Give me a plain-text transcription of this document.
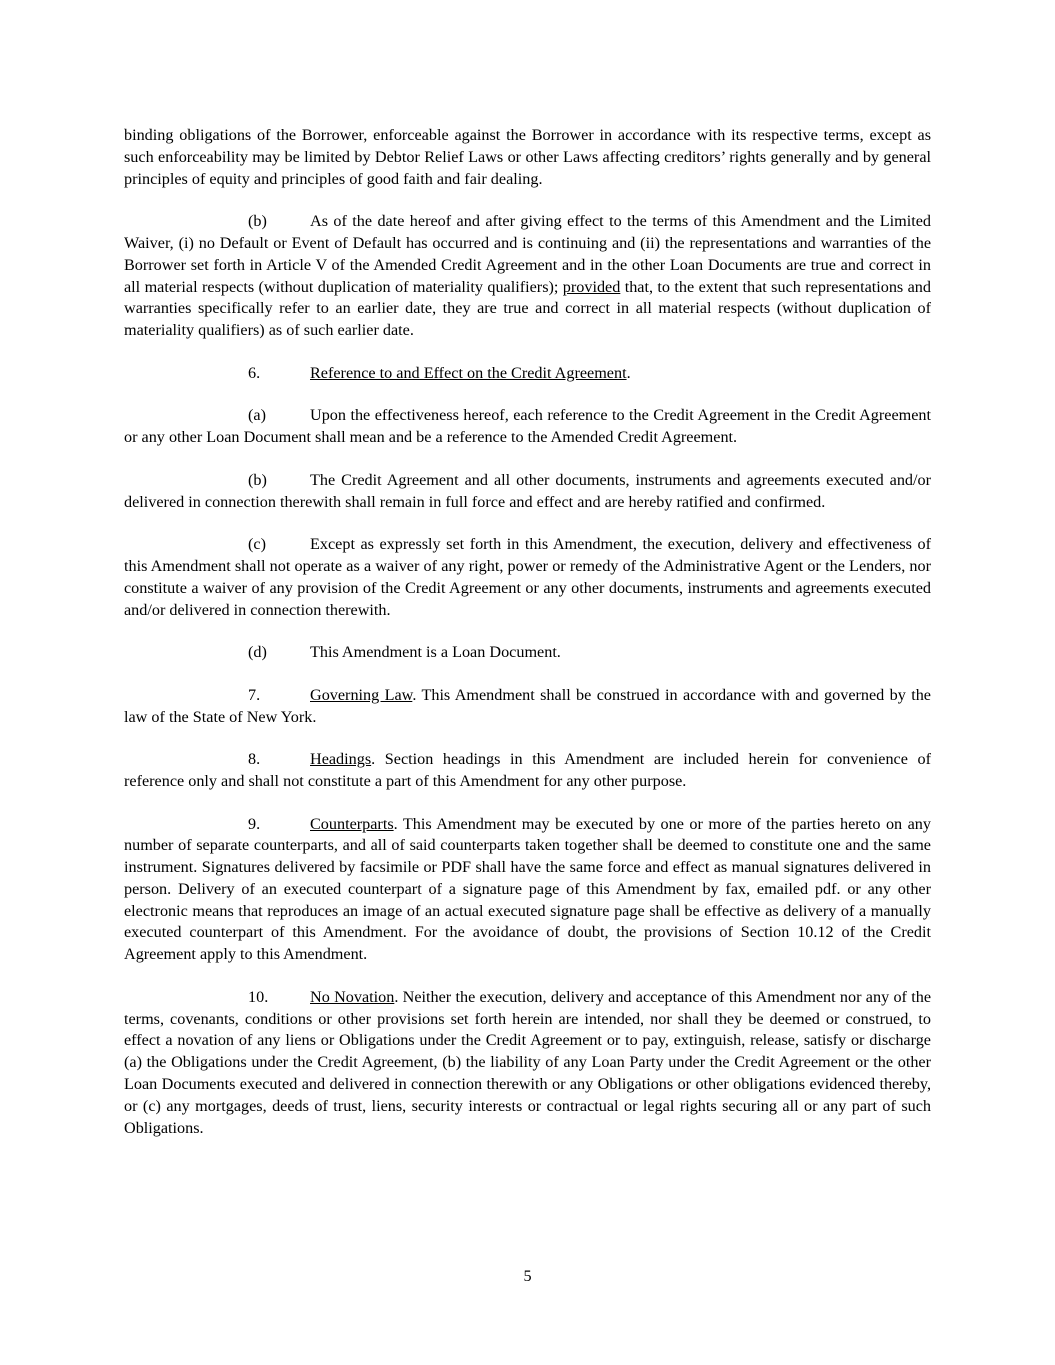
binding obligations of the Borrower, enforceable against the Borrower in accordance with its respective terms, except as such enforceability may be limited by Debtor Relief Laws or other Laws affecting creditors’ rights generally and by general principles of equity and principles of good faith and fair dealing.

(b)	As of the date hereof and after giving effect to the terms of this Amendment and the Limited Waiver, (i) no Default or Event of Default has occurred and is continuing and (ii) the representations and warranties of the Borrower set forth in Article V of the Amended Credit Agreement and in the other Loan Documents are true and correct in all material respects (without duplication of materiality qualifiers); provided that, to the extent that such representations and warranties specifically refer to an earlier date, they are true and correct in all material respects (without duplication of materiality qualifiers) as of such earlier date.

6.	Reference to and Effect on the Credit Agreement.

(a)	Upon the effectiveness hereof, each reference to the Credit Agreement in the Credit Agreement or any other Loan Document shall mean and be a reference to the Amended Credit Agreement.

(b)	The Credit Agreement and all other documents, instruments and agreements executed and/or delivered in connection therewith shall remain in full force and effect and are hereby ratified and confirmed.

(c)	Except as expressly set forth in this Amendment, the execution, delivery and effectiveness of this Amendment shall not operate as a waiver of any right, power or remedy of the Administrative Agent or the Lenders, nor constitute a waiver of any provision of the Credit Agreement or any other documents, instruments and agreements executed and/or delivered in connection therewith.

(d)	This Amendment is a Loan Document.

7.	Governing Law. This Amendment shall be construed in accordance with and governed by the law of the State of New York.

8.	Headings. Section headings in this Amendment are included herein for convenience of reference only and shall not constitute a part of this Amendment for any other purpose.

9.	Counterparts. This Amendment may be executed by one or more of the parties hereto on any number of separate counterparts, and all of said counterparts taken together shall be deemed to constitute one and the same instrument. Signatures delivered by facsimile or PDF shall have the same force and effect as manual signatures delivered in person. Delivery of an executed counterpart of a signature page of this Amendment by fax, emailed pdf. or any other electronic means that reproduces an image of an actual executed signature page shall be effective as delivery of a manually executed counterpart of this Amendment. For the avoidance of doubt, the provisions of Section 10.12 of the Credit Agreement apply to this Amendment.

10.	No Novation. Neither the execution, delivery and acceptance of this Amendment nor any of the terms, covenants, conditions or other provisions set forth herein are intended, nor shall they be deemed or construed, to effect a novation of any liens or Obligations under the Credit Agreement or to pay, extinguish, release, satisfy or discharge (a) the Obligations under the Credit Agreement, (b) the liability of any Loan Party under the Credit Agreement or the other Loan Documents executed and delivered in connection therewith or any Obligations or other obligations evidenced thereby, or (c) any mortgages, deeds of trust, liens, security interests or contractual or legal rights securing all or any part of such Obligations.

5
